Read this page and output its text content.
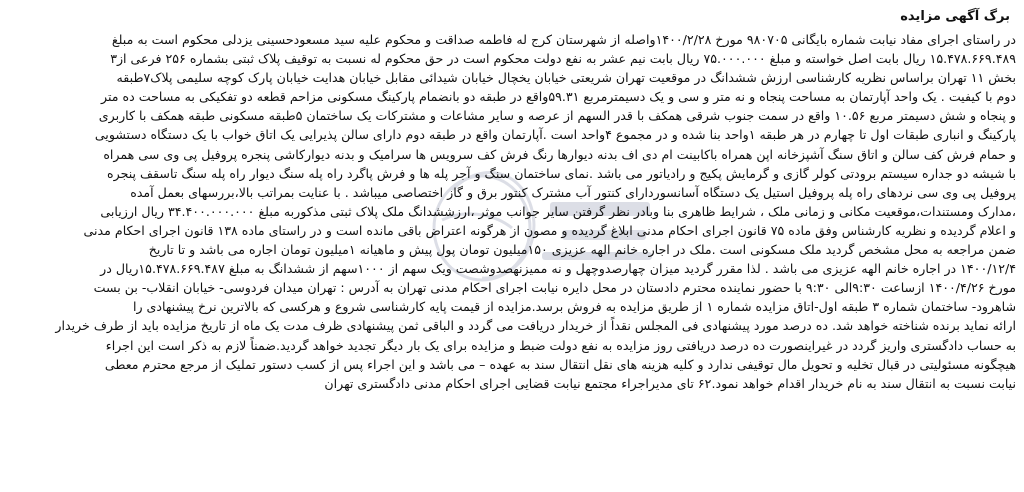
برگ آگهی مزایده
در راستای اجرای مفاد نیابت شماره بایگانی ۹۸۰۷۰۵ مورخ ۱۴۰۰/۲/۲۸واصله از شهرستان کرج له فاطمه صداقت و محکوم علیه سید مسعودحسینی یزدلی محکوم است به مبلغ
۱۵.۴۷۸.۶۶۹.۴۸۹ ریال بابت اصل خواسته و مبلغ ۷۵.۰۰۰.۰۰۰ ریال بابت نیم عشر به نفع دولت محکوم است در حق محکوم له نسبت به توقیف پلاک ثبتی بشماره ۲۵۶ فرعی از۳
بخش ۱۱ تهران براساس نظریه کارشناسی ارزش ششدانگ در موقعیت تهران شریعتی خیابان یخچال خیابان شیدائی مقابل خیابان هدایت خیابان پارک کوچه سلیمی پلاک۷طبقه
دوم با کیفیت . یک واحد آپارتمان به مساحت پنجاه و نه متر و سی و یک دسیمترمربع ۵۹.۳۱واقع در طبقه دو بانضمام پارکینگ مسکونی مزاحم قطعه دو تفکیکی به مساحت ده متر
و پنجاه و شش دسیمتر مربع ۱۰.۵۶ واقع در سمت جنوب شرقی همکف با قدر السهم از عرصه و سایر مشاعات و مشترکات یک ساختمان ۵طبقه مسکونی طبقه همکف با کاربری
پارکینگ و انباری طبقات اول تا چهارم در هر طبقه ۱واحد بنا شده و در مجموع ۴واحد است .آپارتمان واقع در طبقه دوم دارای سالن پذیرایی یک اتاق خواب با یک دستگاه دستشویی
و حمام فرش کف سالن و اتاق سنگ آشپزخانه اپن همراه باکابینت ام دی اف بدنه دیوارها رنگ فرش کف سرویس ها سرامیک و بدنه دیوارکاشی پنجره پروفیل پی وی سی همراه
با شیشه دو جداره سیستم برودتی کولر گازی و گرمایش پکیج و رادیاتور می باشد .نمای ساختمان سنگ و آجر پله ها و فرش پاگرد راه پله سنگ دیوار راه پله سنگ تاسقف پنجره
پروفیل پی وی سی نردهای راه پله پروفیل استیل یک دستگاه آسانسوردارای کنتور آب مشترک کنتور برق و گاز اختصاصی میباشد . با عنایت بمراتب بالا،بررسهای بعمل آمده
،مدارک ومستندات،موقعیت مکانی و زمانی ملک ، شرایط ظاهری بنا وبادر نظر گرفتن سایر جوانب موثر ،ارزششدانگ ملک پلاک ثبتی مذکوربه مبلغ ۳۴.۴۰۰.۰۰۰.۰۰۰ ریال ارزیابی
و اعلام گردیده و نظریه کارشناس وفق ماده ۷۵ قانون اجرای احکام مدنی ابلاغ گردیده و مصون از هرگونه اعتراض باقی مانده است و در راستای ماده ۱۳۸ قانون اجرای احکام مدنی
ضمن مراجعه به محل مشخص گردید ملک مسکونی است .ملک در اجاره خانم الهه عزیزی ۱۵۰میلیون تومان پول پیش و ماهیانه ۱میلیون تومان اجاره می باشد و تا تاریخ
۱۴۰۰/۱۲/۴ در اجاره خانم الهه عزیزی می باشد . لذا مقرر گردید میزان چهارصدوچهل و نه ممیزنهصدوشصت ویک سهم از ۱۰۰۰سهم از ششدانگ به مبلغ ۱۵.۴۷۸.۶۶۹.۴۸۷ریال در
مورخ ۱۴۰۰/۴/۲۶ ازساعت ۹:۳۰الی ۹:۳۰ با حضور نماینده محترم دادستان در محل دایره نیابت اجرای احکام مدنی تهران به آدرس : تهران میدان فردوسی- خیابان انقلاب- بن بست
شاهرود- ساختمان شماره ۳ طبقه اول-اتاق مزایده شماره ۱ از طریق مزایده به فروش برسد.مزایده از قیمت پایه کارشناسی شروع و هرکسی که بالاترین نرخ پیشنهادی را
ارائه نماید برنده شناخته خواهد شد. ده درصد مورد پیشنهادی فی المجلس نقداً از خریدار دریافت می گردد و الباقی ثمن پیشنهادی ظرف مدت یک ماه از تاریخ مزایده باید از طرف خریدار
به حساب دادگستری واریز گردد در غیراینصورت ده درصد دریافتی روز مزایده به نفع دولت ضبط و مزایده برای یک بار دیگر تجدید خواهد گردید.ضمناً لازم به ذکر است این اجراء
هیچگونه مسئولیتی در قبال تخلیه و تحویل مال توقیفی ندارد و کلیه هزینه های نقل انتقال سند به عهده – می باشد و این اجراء پس از کسب دستور تملیک از مرجع محترم معطی
نیابت نسبت به انتقال سند به نام خریدار اقدام خواهد نمود.۶۲ تای مدیراجراء مجتمع نیابت قضایی اجرای احکام مدنی دادگستری تهران
